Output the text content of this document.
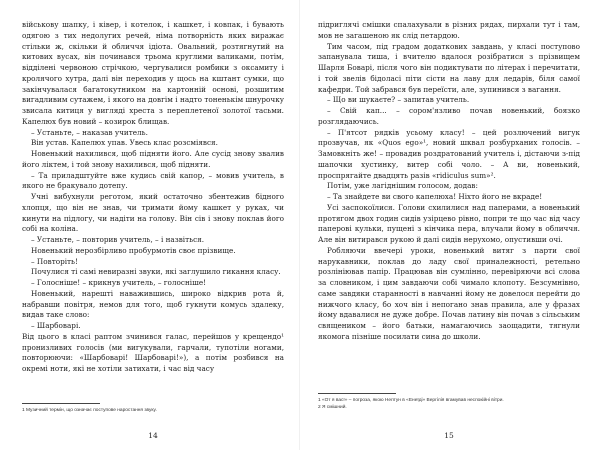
військову шапку, і ківер, і котелок, і кашкет, і ковпак, і бувають одягою з тих недолугих речей, німа потворність яких виражає стільки ж, скільки й обличчя ідіота. Овальний, розтягнутий на китових вусах, він починався трьома круглими валиками, потім, відділені червоною стрічкою, чергувалися ромбики з оксамиту і кролячого хутра, далі він переходив у щось на кштант сумки, що закінчувалася багатокутником на картонній основі, розшитим вигадливим сутажем, і якого на довгім і надто тоненькім шнурочку звисала китиця у вигляді хреста з переплетеної золотої тасьми. Капелюх був новий – козирок блищав.

– Устаньте, – наказав учитель.

Він устав. Капелюх упав. Увесь клас розсміявся.

Новенький нахилився, щоб підняти його. Але сусід знову звалив його ліктем, і той знову нахилився, щоб підняти.

– Та приладштуйте вже кудись свій капор, – мовив учитель, в якого не бракувало дотепу.

Учні вибухнули реготом, який остаточно збентежив бідного хлопця, що він не знав, чи тримати йому кашкет у руках, чи кинути на підлогу, чи надіти на голову. Він сів і знову поклав його собі на коліна.

– Устаньте, – повторив учитель, – і назвіться.

Новенький нерозбірливо пробурмотів своє прізвище.

– Повторіть!

Почулися ті самі невиразні звуки, які заглушило гикання класу.

– Голосніше! – крикнув учитель, – голосніше!

Новенький, нарешті наважившись, широко відкрив рота й, набравши повітря, немов для того, щоб гукнути комусь здалеку, видав таке слово:

– Шарбоварі.

Від цього в класі раптом зчинився галас, перейшов у крещендо¹ пронизливих голосів (ми вигукували, гарчали, тупотіли ногами, повторюючи: «Шарбоварі! Шарбоварі!»), а потім розбився на окремі ноти, які не хотіли затихати, і час від часу

1 Музичний термін, що означає поступове наростання звуку.
14

підриглячі смішки спалахували в різних рядах, пирхали тут і там, мов не загашеною як слід петардою.

Тим часом, під градом додаткових завдань, у класі поступово запанувала тиша, і вчителю вдалося розібратися з прізвищем Шарля Боварі, після чого він подиктувати по літерах і перечитати, і той звелів бідоласі піти сісти на лаву для ледарів, біля самої кафедри. Той забрався був переїсти, але, зупинився з вагання.

– Що ви шукаєте? – запитав учитель.

– Свій кап... – сором'язливо почав новенький, боязко розглядаючись.

– П'ятсот рядків усьому класу! – цей розлючений вигук прозвучав, як «Quos ego»¹, новий шквал розбурханих голосів. – Замовкніть же! – провадив роздратований учитель і, дістаючи з-під шапочки хустинку, витер собі чоло. – А ви, новенький, проспрягайте двадцять разів «ridiculus sum»².

Потім, уже лагіднішим голосом, додав:

– Та знайдете ви свого капелюха! Ніхто його не вкраде!

Усі заспокоїлися. Голови схилилися над паперами, а новенький протягом двох годин сидів узірцево рівно, попри те що час від часу паперові кульки, пущені з кінчика пера, влучали йому в обличчя. Але він витирався рукою й далі сидів нерухомо, опустивши очі.

Робляючи ввечері уроки, новенький витяг з парти свої нарукавники, поклав до ладу свої приналежності, ретельно розлініював папір. Працював він сумлінно, перевіряючи всі слова за словником, і цим завдаючи собі чимало клопоту. Безсумнівно, саме завдяки старанності в навчанні йому не довелося перейти до нижчого класу, бо хоч він і непогано знав правила, але у фразах йому вдавалися не дуже добре. Почав латину він почав з сільським священиком – його батьки, намагаючись заощадити, тягнули якомога пізніше посилати сина до школи.

1 «От я вас!» – погроза, якою Нептун в «Енеїді» Вергілія вгамував неспокійні вітри.
2 Я смішний.
15
